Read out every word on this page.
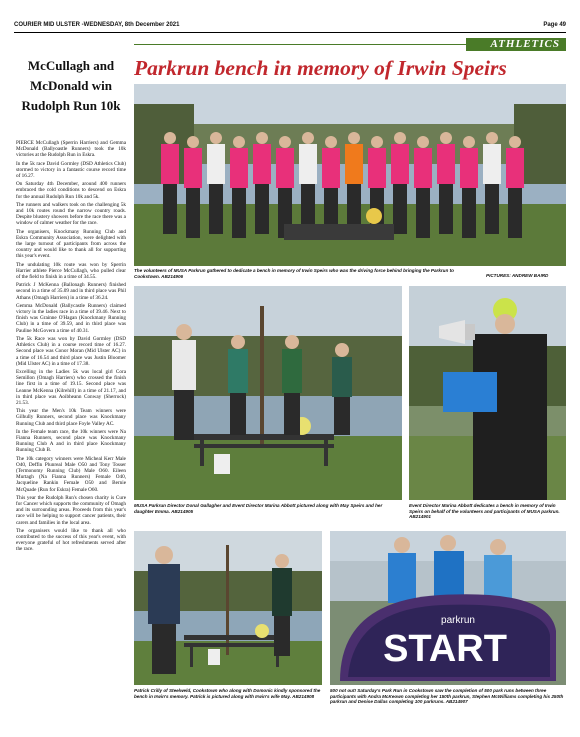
COURIER MID ULSTER -WEDNESDAY, 8th December 2021	Page 49
ATHLETICS
McCullagh and McDonald win Rudolph Run 10k

PIERCE McCullagh (Sperrin Harriers) and Gemma McDonald (Ballyoastle Runners) took the 10k victories at the Rudolph Run in Eskra.

In the 5k race David Gormley (DSD Athletics Club) stormed to victory in a fantastic course record time of 16.27.

On Saturday 4th December, around 400 runners embraced the cold conditions to descend on Eskra for the annual Rudolph Run 10k and 5k.

The runners and walkers took on the challenging 5k and 10k routes round the narrow country roads. Despite blustery showers before the race there was a window of calmer weather for the race.

The organisers, Knockmany Running Club and Eskra Community Association, were delighted with the large turnout of participants from across the country and would like to thank all for supporting this year's event.

The undulating 10k route was won by Sperrin Harrier athlete Pierce McCullagh, who pulled clear of the field to finish in a time of 34.55.

Patrick J McKenna (Ballonagh Runners) finished second in a time of 35.09 and in third place was Phil Athans (Omagh Harriers) in a time of 36.24.

Gemma McDonald (Ballycastle Runners) claimed victory in the ladies race in a time of 39.46. Next to finish was Grainne O'Hagan (Knockmany Running Club) in a time of 39.59, and in third place was Pauline McGovern a time of 40.31.

The 5k Race was won by David Gormley (DSD Athletics Club) in a course record time of 16.27. Second place was Conor Moran (Mid Ulster AC) in a time of 16.54 and third place was Justin Bloomer (Mid Ulster AC) in a time of 17.38.

Excelling in the Ladies 5k was local girl Cora Semillon (Omagh Harriers) who crossed the finish line first in a time of 19.15. Second place was Leanne McKenna (Kilrehill) in a time of 21.17, and in third place was Aoibheann Conway (Sherrock) 21.53.

This year the Men's 10k Team winners were Gilhully Runners, second place was Knockmany Running Club and third place Foyle Valley AC.

In the Female team race, the 10k winners were Na Fianna Runners, second place was Knockmany Running Club A and in third place Knockmany Running Club B.

The 10k category winners were Micheal Kerr Male O40, Deffin Plunreal Male O50 and Tony Tosser (Termonomy Running Club) Male O60. Eileen Murtagh (Na Fianna Runners) Female O40, Jacqueline Rankin Female O50 and Bernie McQuade (Run for Eskra) Female O60.

This year the Rudolph Run's chosen charity is Cure for Cancer which supports the community of Omagh and its surrounding areas. Proceeds from this year's race will be helping to support cancer patients, their carers and families in the local area.

The organisers would like to thank all who contributed to the success of this year's event, with everyone grateful of hot refreshments served after the race.

Parkrun bench in memory of Irwin Speirs
The volunteers of MUSA Parkrun gathered to dedicate a bench in memory of Irwin Speirs who was the driving force behind bringing the Parkrun to Cookstown. AB214906	PICTURES: ANDREW BAIRD
MUSA Parkrun Director Donal Gallagher and Event Director Marina Abbott pictured along with May Speirs and her daughter Emma. AB214905
Event Director Marina Abbott dedicates a bench in memory of Irwin Speirs on behalf of the volunteers and participants of MUSA parkrun. AB214901
Patrick Crilly of Steelweld, Cookstown who along with Domonic kindly sponsored the bench in Irwin's memory. Patrick is pictured along with Irwin's wife May. AB214908
START
parkrun
500 not out! Saturday's Park Run in Cookstown saw the completion of 500 park runs between three participants with Andra McKeown completing her 150th parkrun, Stephen McWilliams completing his 250th parkrun and Denise Dallas completing 100 parkruns. AB214907
